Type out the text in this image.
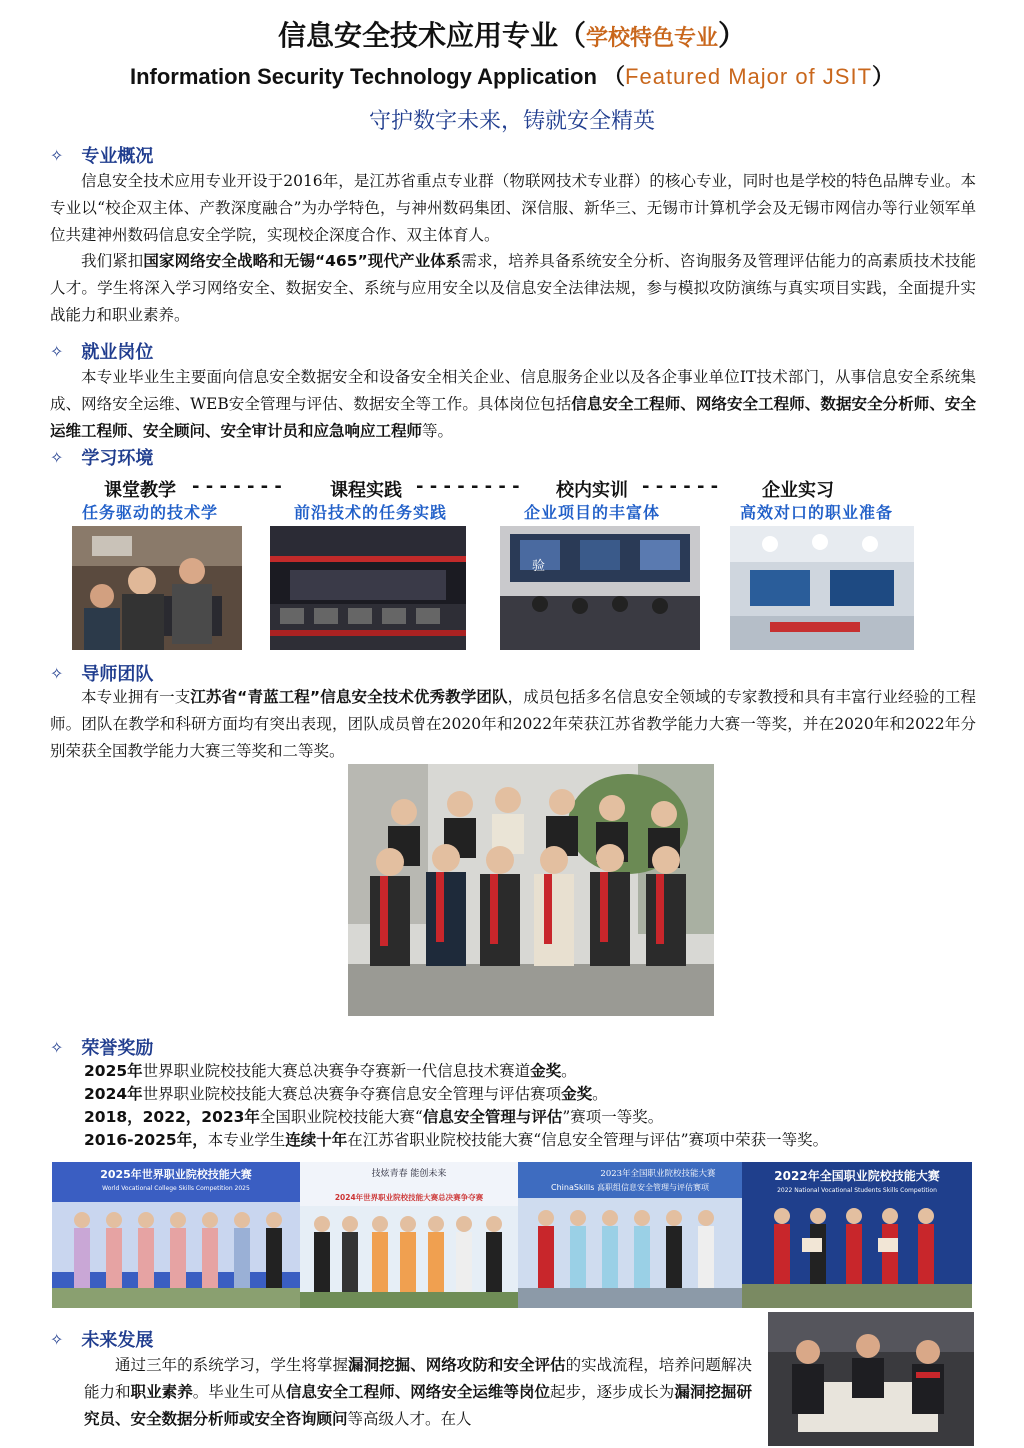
信息安全技术应用专业（学校特色专业）
Information Security Technology Application （Featured Major of JSIT）
守护数字未来，铸就安全精英
✧ 专业概况
信息安全技术应用专业开设于2016年，是江苏省重点专业群（物联网技术专业群）的核心专业，同时也是学校的特色品牌专业。本专业以“校企双主体、产教深度融合”为办学特色，与神州数码集团、深信服、新华三、无锡市计算机学会及无锡市网信办等行业领军单位共建神州数码信息安全学院，实现校企深度合作、双主体育人。
我们紧扣国家网络安全战略和无锡“465”现代产业体系需求，培养具备系统安全分析、咨询服务及管理评估能力的高素质技术技能人才。学生将深入学习网络安全、数据安全、系统与应用安全以及信息安全法律法规，参与模拟攻防演练与真实项目实践，全面提升实战能力和职业素养。
✧ 就业岗位
本专业毕业生主要面向信息安全数据安全和设备安全相关企业、信息服务企业以及各企事业单位IT技术部门，从事信息安全系统集成、网络安全运维、WEB安全管理与评估、数据安全等工作。具体岗位包括信息安全工程师、网络安全工程师、数据安全分析师、安全运维工程师、安全顾问、安全审计员和应急响应工程师等。
✧ 学习环境
课堂教学 - - - - - - -	课程实践 - - - - - - - - 校内实训 - - - - - - 企业实习
任务驱动的技术学	前沿技术的任务实践	企业项目的丰富体	高效对口的职业准备
验
✧ 导师团队
本专业拥有一支江苏省“青蓝工程”信息安全技术优秀教学团队，成员包括多名信息安全领域的专家教授和具有丰富行业经验的工程师。团队在教学和科研方面均有突出表现，团队成员曾在2020年和2022年荣获江苏省教学能力大赛一等奖，并在2020年和2022年分别荣获全国教学能力大赛三等奖和二等奖。
✧ 荣誉奖励
2025年世界职业院校技能大赛总决赛争夺赛新一代信息技术赛道金奖。
2024年世界职业院校技能大赛总决赛争夺赛信息安全管理与评估赛项金奖。
2018，2022，2023年全国职业院校技能大赛“信息安全管理与评估”赛项一等奖。
2016-2025年，本专业学生连续十年在江苏省职业院校技能大赛“信息安全管理与评估”赛项中荣获一等奖。
2025年世界职业院校技能大赛
World Vocational College Skills Competition 2025
技炫青春 能创未来
2024年世界职业院校技能大赛总决赛争夺赛
2023年全国职业院校技能大赛
ChinaSkills 高职组信息安全管理与评估赛项
2022年全国职业院校技能大赛
2022 National Vocational Students Skills Competition
✧ 未来发展
通过三年的系统学习，学生将掌握漏洞挖掘、网络攻防和安全评估的实战流程，培养问题解决能力和职业素养。毕业生可从信息安全工程师、网络安全运维等岗位起步，逐步成长为漏洞挖掘研究员、安全数据分析师或安全咨询顾问等高级人才。在人
